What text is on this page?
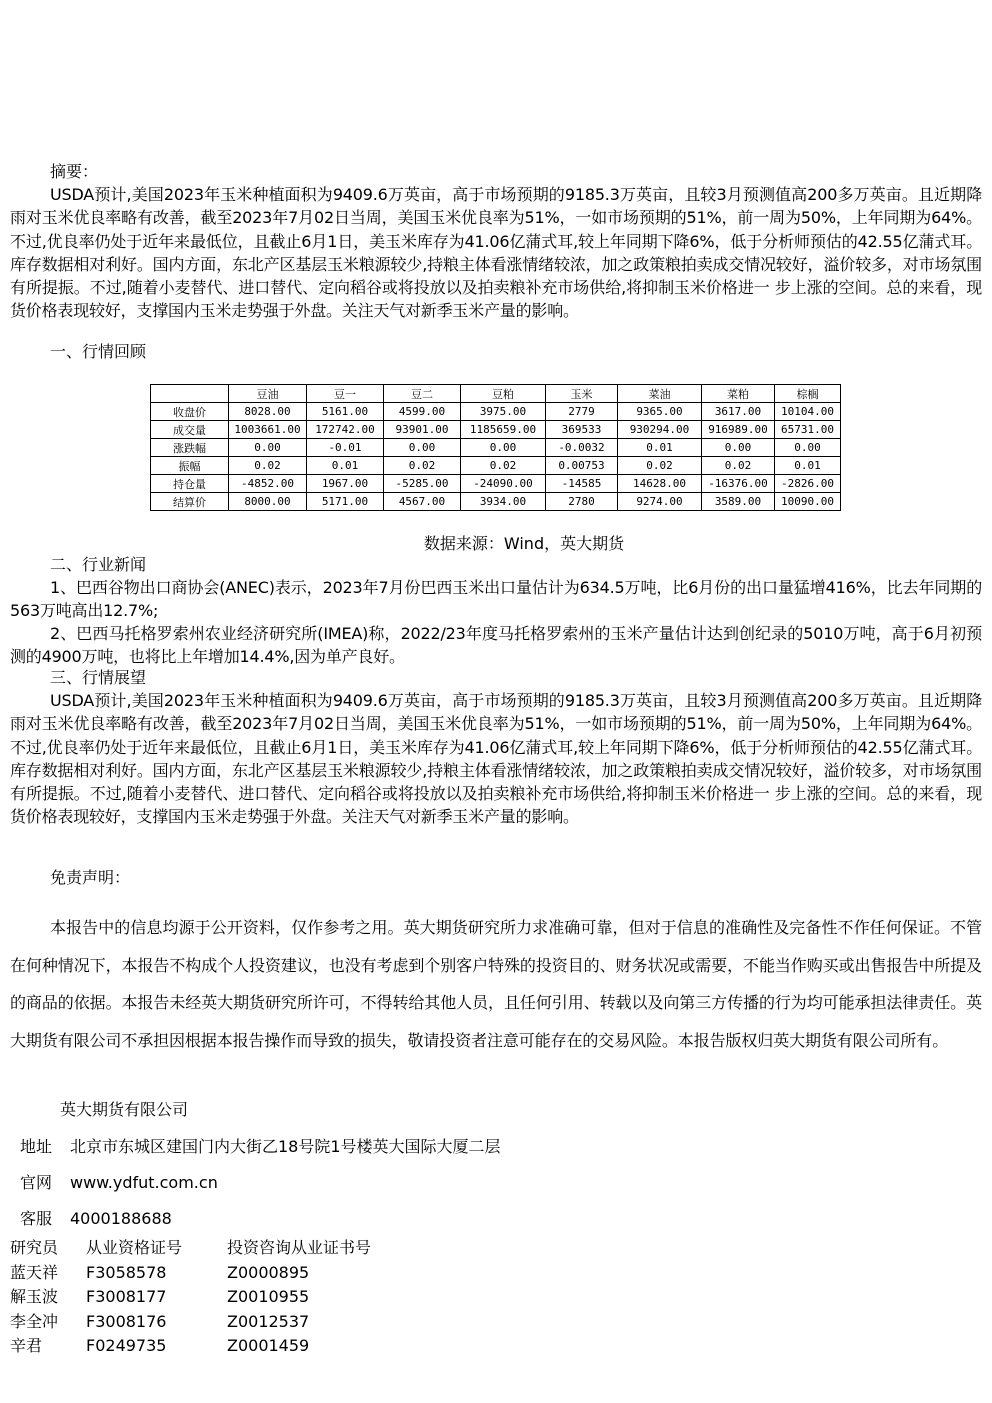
摘要：
USDA预计,美国2023年玉米种植面积为9409.6万英亩，高于市场预期的9185.3万英亩，且较3月预测值高200多万英亩。且近期降雨对玉米优良率略有改善，截至2023年7月02日当周，美国玉米优良率为51%，一如市场预期的51%，前一周为50%，上年同期为64%。不过,优良率仍处于近年来最低位，且截止6月1日，美玉米库存为41.06亿蒲式耳,较上年同期下降6%，低于分析师预估的42.55亿蒲式耳。库存数据相对利好。国内方面，东北产区基层玉米粮源较少,持粮主体看涨情绪较浓，加之政策粮拍卖成交情况较好，溢价较多，对市场氛围有所提振。不过,随着小麦替代、进口替代、定向稻谷或将投放以及拍卖粮补充市场供给,将抑制玉米价格进一 步上涨的空间。总的来看，现货价格表现较好，支撑国内玉米走势强于外盘。关注天气对新季玉米产量的影响。
一、行情回顾
	豆油	豆一	豆二	豆粕	玉米	菜油	菜粕	棕榈
收盘价	8028.00	5161.00	4599.00	3975.00	2779	9365.00	3617.00	10104.00
成交量	1003661.00	172742.00	93901.00	1185659.00	369533	930294.00	916989.00	65731.00
涨跌幅	0.00	-0.01	0.00	0.00	-0.0032	0.01	0.00	0.00
振幅	0.02	0.01	0.02	0.02	0.00753	0.02	0.02	0.01
持仓量	-4852.00	1967.00	-5285.00	-24090.00	-14585	14628.00	-16376.00	-2826.00
结算价	8000.00	5171.00	4567.00	3934.00	2780	9274.00	3589.00	10090.00
数据来源：Wind，英大期货
二、行业新闻
1、巴西谷物出口商协会(ANEC)表示，2023年7月份巴西玉米出口量估计为634.5万吨，比6月份的出口量猛增416%，比去年同期的563万吨高出12.7%;
2、巴西马托格罗索州农业经济研究所(IMEA)称，2022/23年度马托格罗索州的玉米产量估计达到创纪录的5010万吨，高于6月初预测的4900万吨，也将比上年增加14.4%,因为单产良好。
三、行情展望
USDA预计,美国2023年玉米种植面积为9409.6万英亩，高于市场预期的9185.3万英亩，且较3月预测值高200多万英亩。且近期降雨对玉米优良率略有改善，截至2023年7月02日当周，美国玉米优良率为51%，一如市场预期的51%，前一周为50%，上年同期为64%。不过,优良率仍处于近年来最低位，且截止6月1日，美玉米库存为41.06亿蒲式耳,较上年同期下降6%，低于分析师预估的42.55亿蒲式耳。库存数据相对利好。国内方面，东北产区基层玉米粮源较少,持粮主体看涨情绪较浓，加之政策粮拍卖成交情况较好，溢价较多，对市场氛围有所提振。不过,随着小麦替代、进口替代、定向稻谷或将投放以及拍卖粮补充市场供给,将抑制玉米价格进一 步上涨的空间。总的来看，现货价格表现较好，支撑国内玉米走势强于外盘。关注天气对新季玉米产量的影响。
免责声明：
本报告中的信息均源于公开资料，仅作参考之用。英大期货研究所力求准确可靠，但对于信息的准确性及完备性不作任何保证。不管在何种情况下，本报告不构成个人投资建议，也没有考虑到个别客户特殊的投资目的、财务状况或需要，不能当作购买或出售报告中所提及的商品的依据。本报告未经英大期货研究所许可，不得转给其他人员，且任何引用、转载以及向第三方传播的行为均可能承担法律责任。英大期货有限公司不承担因根据本报告操作而导致的损失，敬请投资者注意可能存在的交易风险。本报告版权归英大期货有限公司所有。
英大期货有限公司
地址 北京市东城区建国门内大街乙18号院1号楼英大国际大厦二层
官网 www.ydfut.com.cn
客服 4000188688
研究员	从业资格证号	投资咨询从业证书号
蓝天祥	F3058578	Z0000895
解玉波	F3008177	Z0010955
李全冲	F3008176	Z0012537
辛君	F0249735	Z0001459
